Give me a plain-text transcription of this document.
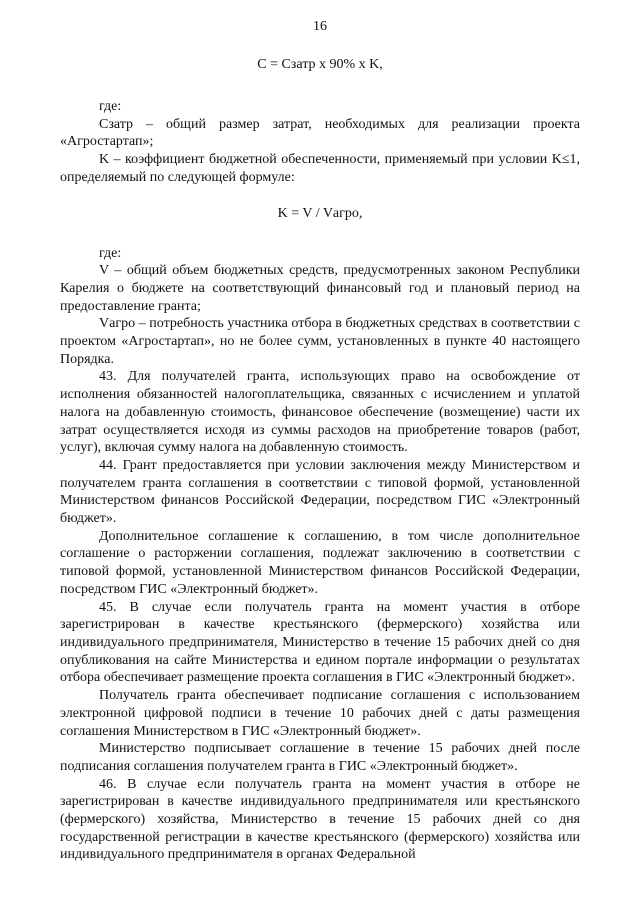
16
C = Cзатр x 90% x K,
где:

Cзатр – общий размер затрат, необходимых для реализации проекта «Агростартап»;

K – коэффициент бюджетной обеспеченности, применяемый при условии K≤1, определяемый по следующей формуле:

K = V / Vагро,
где:

V – общий объем бюджетных средств, предусмотренных законом Республики Карелия о бюджете на соответствующий финансовый год и плановый период на предоставление гранта;

Vагро – потребность участника отбора в бюджетных средствах в соответствии с проектом «Агростартап», но не более сумм, установленных в пункте 40 настоящего Порядка.

43. Для получателей гранта, использующих право на освобождение от исполнения обязанностей налогоплательщика, связанных с исчислением и уплатой налога на добавленную стоимость, финансовое обеспечение (возмещение) части их затрат осуществляется исходя из суммы расходов на приобретение товаров (работ, услуг), включая сумму налога на добавленную стоимость.

44. Грант предоставляется при условии заключения между Министерством и получателем гранта соглашения в соответствии с типовой формой, установленной Министерством финансов Российской Федерации, посредством ГИС «Электронный бюджет».

Дополнительное соглашение к соглашению, в том числе дополнительное соглашение о расторжении соглашения, подлежат заключению в соответствии с типовой формой, установленной Министерством финансов Российской Федерации, посредством ГИС «Электронный бюджет».

45. В случае если получатель гранта на момент участия в отборе зарегистрирован в качестве крестьянского (фермерского) хозяйства или индивидуального предпринимателя, Министерство в течение 15 рабочих дней со дня опубликования на сайте Министерства и едином портале информации о результатах отбора обеспечивает размещение проекта соглашения в ГИС «Электронный бюджет».

Получатель гранта обеспечивает подписание соглашения с использованием электронной цифровой подписи в течение 10 рабочих дней с даты размещения соглашения Министерством в ГИС «Электронный бюджет».

Министерство подписывает соглашение в течение 15 рабочих дней после подписания соглашения получателем гранта в ГИС «Электронный бюджет».

46. В случае если получатель гранта на момент участия в отборе не зарегистрирован в качестве индивидуального предпринимателя или крестьянского (фермерского) хозяйства, Министерство в течение 15 рабочих дней со дня государственной регистрации в качестве крестьянского (фермерского) хозяйства или индивидуального предпринимателя в органах Федеральной
